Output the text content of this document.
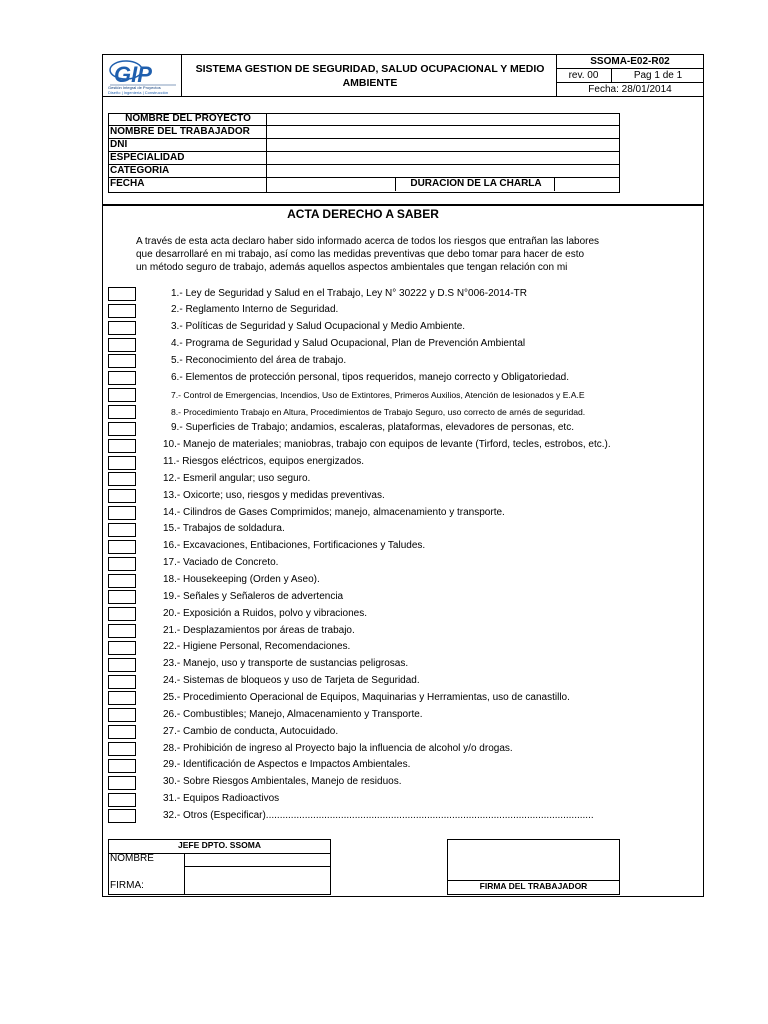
GIP
Gestión Integral de Proyectos
Diseño | Ingeniería | Construcción
SISTEMA GESTION DE SEGURIDAD, SALUD OCUPACIONAL Y MEDIO AMBIENTE
SSOMA-E02-R02
rev. 00	Pag 1 de 1
Fecha: 28/01/2014
NOMBRE DEL PROYECTO
NOMBRE DEL TRABAJADOR
DNI
ESPECIALIDAD
CATEGORIA
FECHA	DURACION DE LA CHARLA
ACTA DERECHO A SABER
A través de esta acta declaro haber sido informado acerca de todos los riesgos que entrañan las labores
que desarrollaré en mi trabajo, así como las medidas preventivas que debo tomar para hacer de esto
un método seguro de trabajo, además aquellos aspectos ambientales que tengan relación con mi
1.- Ley de Seguridad y Salud en el Trabajo, Ley N° 30222 y D.S N°006-2014-TR
2.- Reglamento Interno de Seguridad.
3.- Políticas de Seguridad y Salud Ocupacional y Medio Ambiente.
4.- Programa de Seguridad y Salud Ocupacional, Plan de Prevención Ambiental
5.- Reconocimiento del área de trabajo.
6.- Elementos de protección personal, tipos requeridos, manejo correcto y Obligatoriedad.
7.- Control de Emergencias, Incendios, Uso de Extintores, Primeros Auxilios, Atención de lesionados y E.A.E
8.- Procedimiento Trabajo en Altura, Procedimientos de Trabajo Seguro, uso correcto de arnés de seguridad.
9.- Superficies de Trabajo; andamios, escaleras, plataformas, elevadores de personas, etc.
10.- Manejo de materiales; maniobras, trabajo con equipos de levante (Tirford, tecles, estrobos, etc.).
11.- Riesgos eléctricos, equipos energizados.
12.- Esmeril angular; uso seguro.
13.- Oxicorte; uso, riesgos y medidas preventivas.
14.- Cilindros de Gases Comprimidos; manejo, almacenamiento y transporte.
15.- Trabajos de soldadura.
16.- Excavaciones, Entibaciones, Fortificaciones y Taludes.
17.- Vaciado de Concreto.
18.- Housekeeping (Orden y Aseo).
19.- Señales y Señaleros de advertencia
20.- Exposición a Ruidos, polvo y vibraciones.
21.- Desplazamientos por áreas de trabajo.
22.- Higiene Personal, Recomendaciones.
23.- Manejo, uso y transporte de sustancias peligrosas.
24.- Sistemas de bloqueos y uso de Tarjeta de Seguridad.
25.- Procedimiento Operacional de Equipos, Maquinarias y Herramientas, uso de canastillo.
26.- Combustibles; Manejo, Almacenamiento y Transporte.
27.- Cambio de conducta, Autocuidado.
28.- Prohibición de ingreso al Proyecto bajo la influencia de alcohol y/o drogas.
29.- Identificación de Aspectos e Impactos Ambientales.
30.- Sobre Riesgos Ambientales, Manejo de residuos.
31.- Equipos Radioactivos
32.- Otros (Especificar)......................................................................................................................
JEFE DPTO. SSOMA
NOMBRE
FIRMA:	FIRMA DEL TRABAJADOR
